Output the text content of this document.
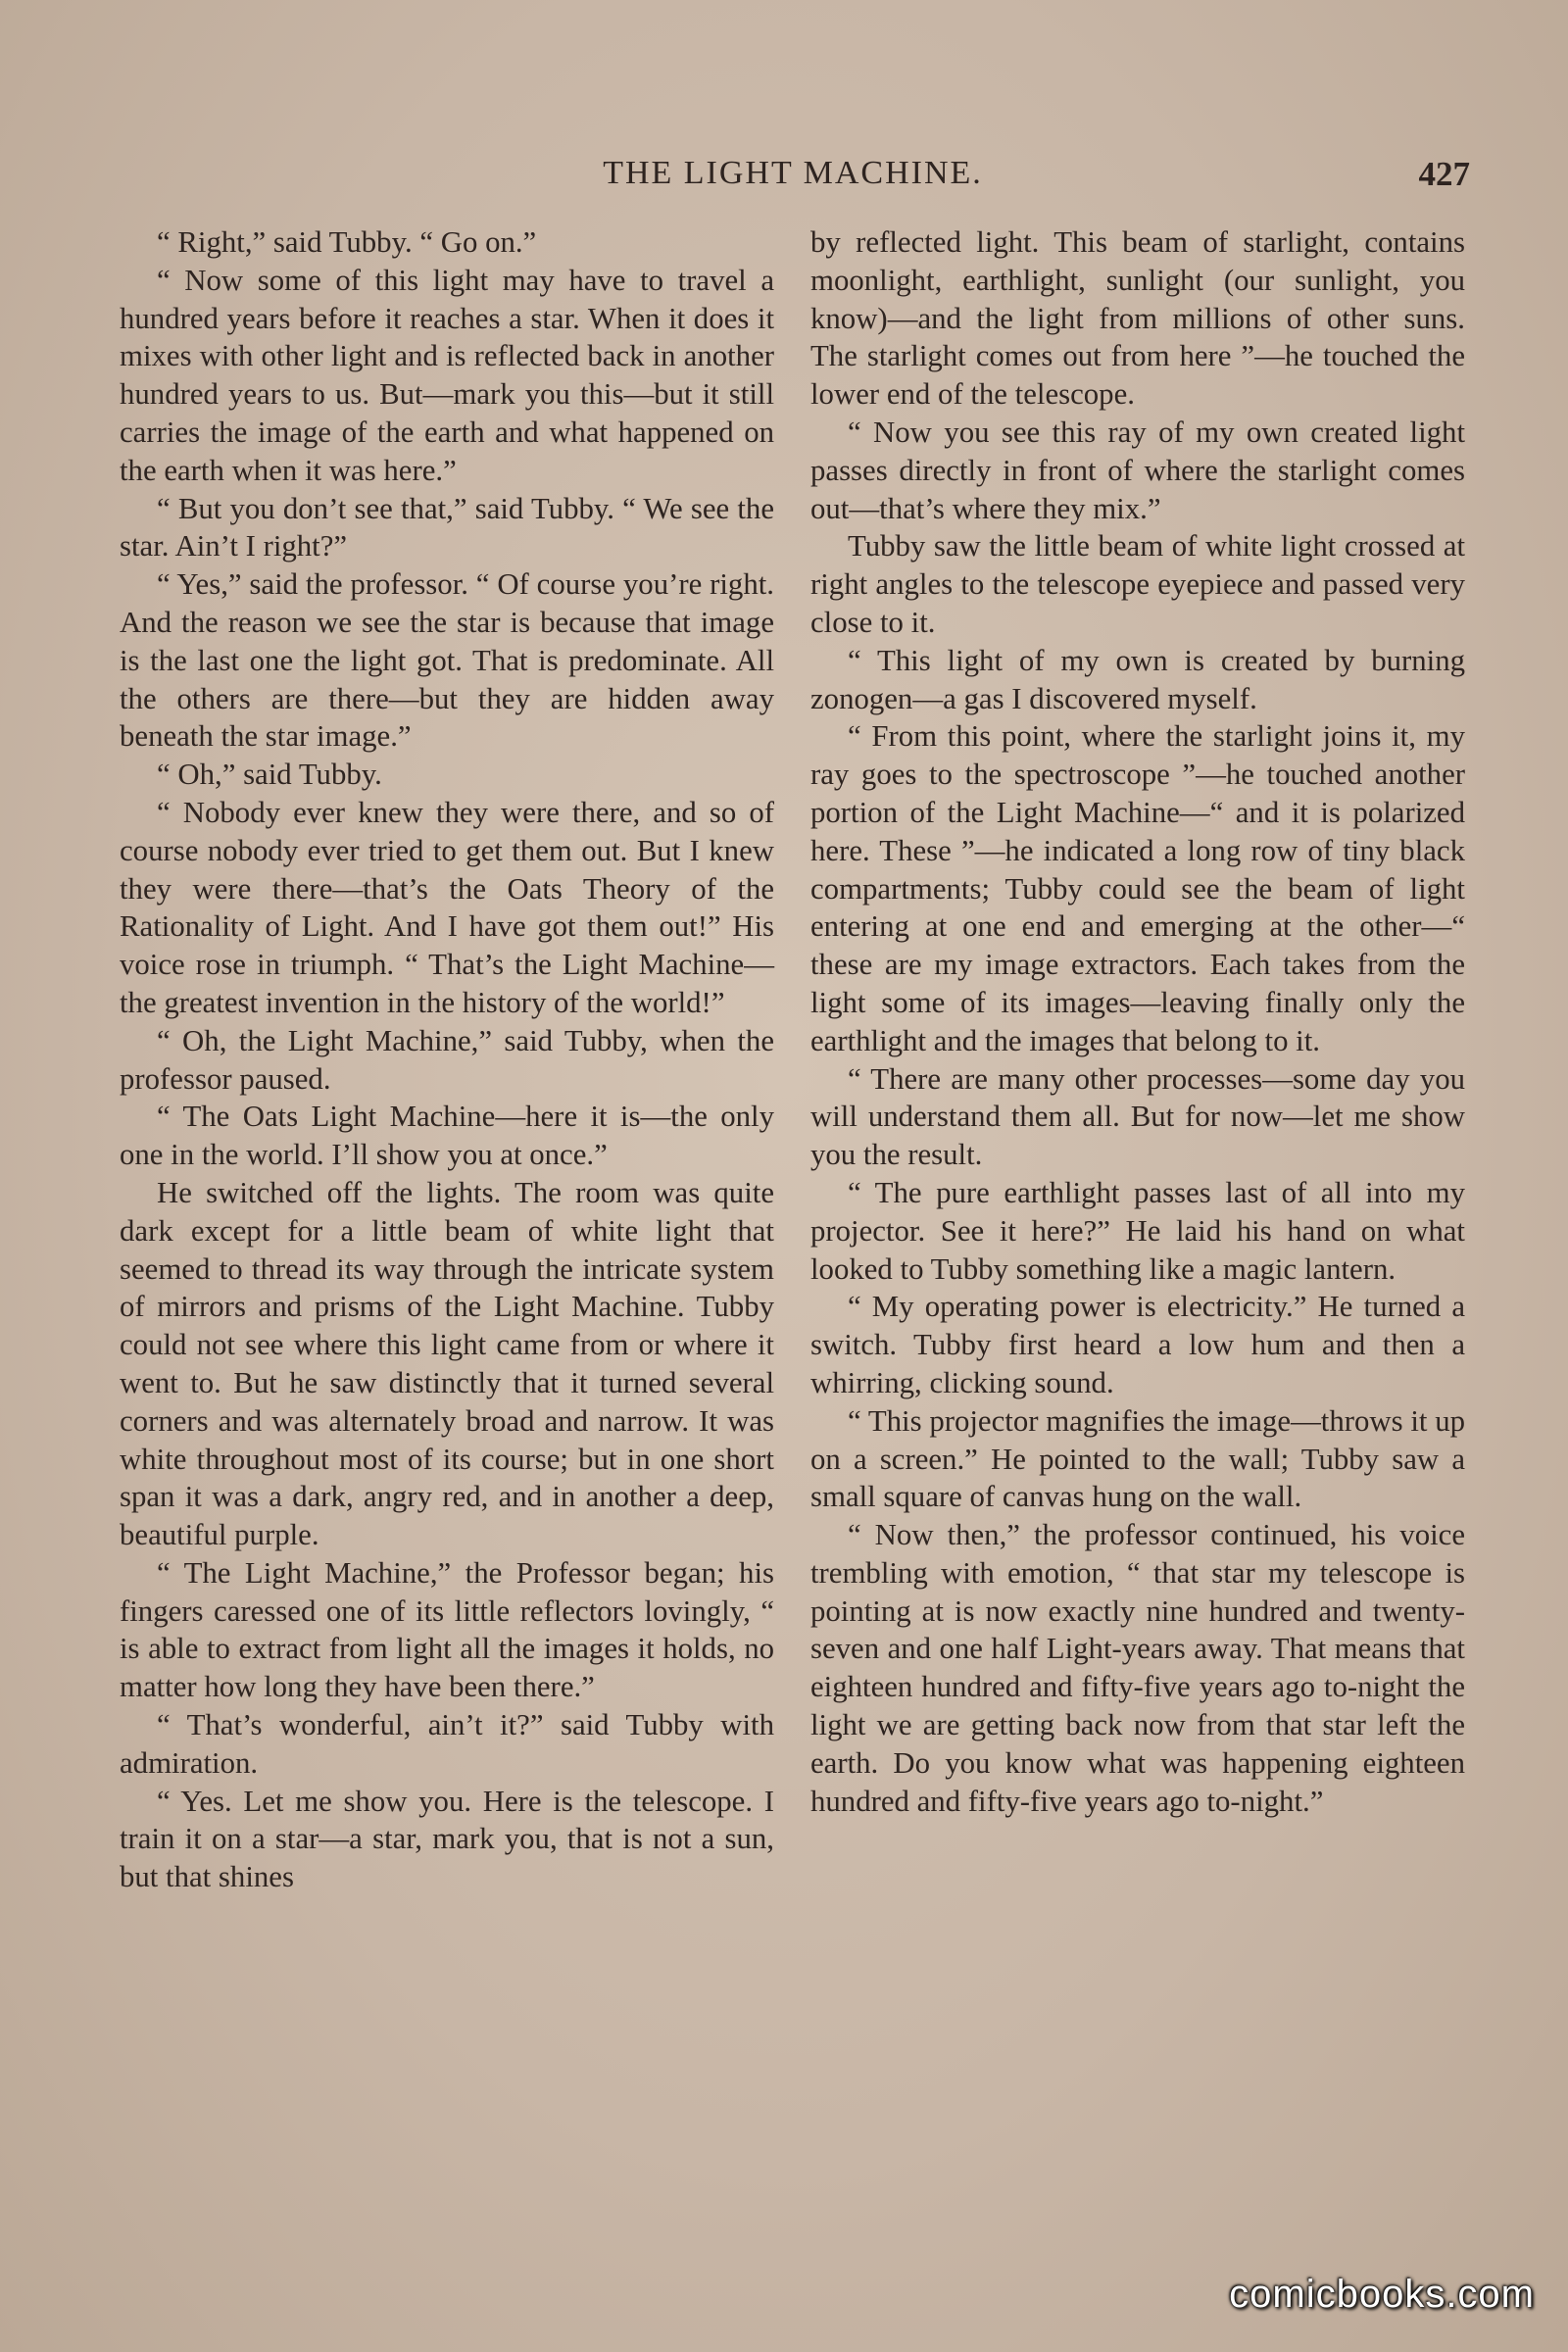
THE LIGHT MACHINE.	427

“ Right,” said Tubby. “ Go on.”

“ Now some of this light may have to travel a hundred years before it reaches a star. When it does it mixes with other light and is reflected back in another hundred years to us. But—mark you this—but it still carries the image of the earth and what happened on the earth when it was here.”

“ But you don’t see that,” said Tubby. “ We see the star. Ain’t I right?”

“ Yes,” said the professor. “ Of course you’re right. And the reason we see the star is because that image is the last one the light got. That is predominate. All the others are there—but they are hidden away beneath the star image.”

“ Oh,” said Tubby.

“ Nobody ever knew they were there, and so of course nobody ever tried to get them out. But I knew they were there—that’s the Oats Theory of the Rationality of Light. And I have got them out!” His voice rose in triumph. “ That’s the Light Machine—the greatest invention in the history of the world!”

“ Oh, the Light Machine,” said Tubby, when the professor paused.

“ The Oats Light Machine—here it is—the only one in the world. I’ll show you at once.”

He switched off the lights. The room was quite dark except for a little beam of white light that seemed to thread its way through the intricate system of mirrors and prisms of the Light Machine. Tubby could not see where this light came from or where it went to. But he saw distinctly that it turned several corners and was alternately broad and narrow. It was white throughout most of its course; but in one short span it was a dark, angry red, and in another a deep, beautiful purple.

“ The Light Machine,” the Professor began; his fingers caressed one of its little reflectors lovingly, “ is able to extract from light all the images it holds, no matter how long they have been there.”

“ That’s wonderful, ain’t it?” said Tubby with admiration.

“ Yes. Let me show you. Here is the telescope. I train it on a star—a star, mark you, that is not a sun, but that shines

by reflected light. This beam of starlight, contains moonlight, earthlight, sunlight (our sunlight, you know)—and the light from millions of other suns. The starlight comes out from here ”—he touched the lower end of the telescope.

“ Now you see this ray of my own created light passes directly in front of where the starlight comes out—that’s where they mix.”

Tubby saw the little beam of white light crossed at right angles to the telescope eyepiece and passed very close to it.

“ This light of my own is created by burning zonogen—a gas I discovered myself.

“ From this point, where the starlight joins it, my ray goes to the spectroscope ”—he touched another portion of the Light Machine—“ and it is polarized here. These ”—he indicated a long row of tiny black compartments; Tubby could see the beam of light entering at one end and emerging at the other—“ these are my image extractors. Each takes from the light some of its images—leaving finally only the earthlight and the images that belong to it.

“ There are many other processes—some day you will understand them all. But for now—let me show you the result.

“ The pure earthlight passes last of all into my projector. See it here?” He laid his hand on what looked to Tubby something like a magic lantern.

“ My operating power is electricity.” He turned a switch. Tubby first heard a low hum and then a whirring, clicking sound.

“ This projector magnifies the image—throws it up on a screen.” He pointed to the wall; Tubby saw a small square of canvas hung on the wall.

“ Now then,” the professor continued, his voice trembling with emotion, “ that star my telescope is pointing at is now exactly nine hundred and twenty-seven and one half Light-years away. That means that eighteen hundred and fifty-five years ago to-night the light we are getting back now from that star left the earth. Do you know what was happening eighteen hundred and fifty-five years ago to-night.”

comicbooks.com
